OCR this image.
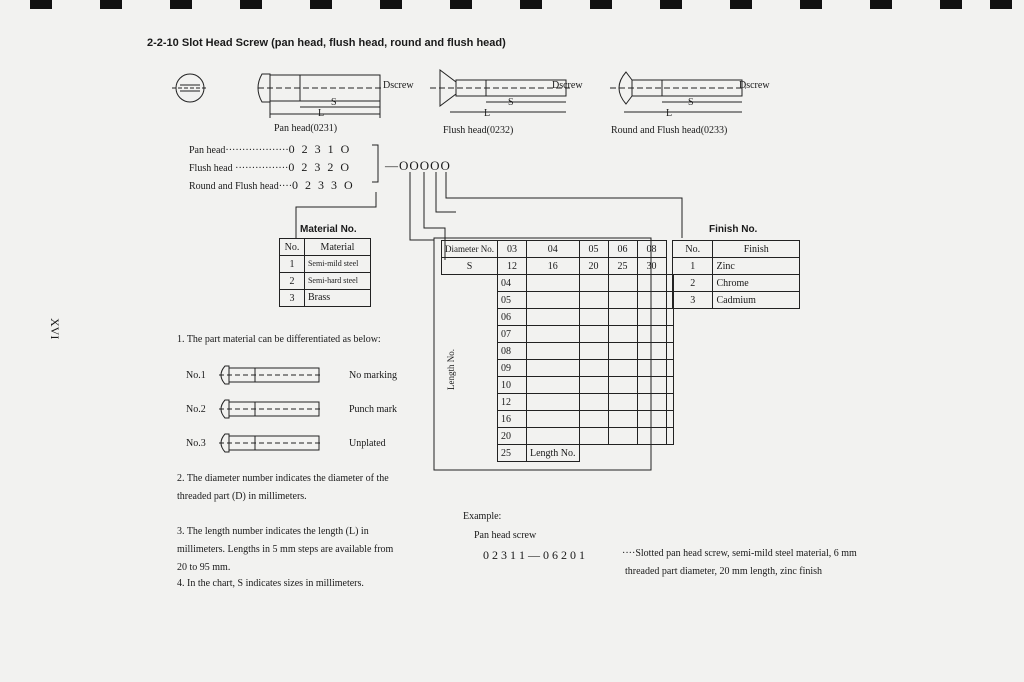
2-2-10 Slot Head Screw (pan head, flush head, round and flush head)
XVI
Dscrew
S
L
Dscrew
S
L
Dscrew
S
L
Pan head(0231)	Flush head(0232)	Round and Flush head(0233)
Pan head···················0 2 3 1 O
Flush head ················0 2 3 2 O
Round and Flush head····0 2 3 3 O
—OOOOO
Material No.
No.	Material
1	Semi-mild steel
2	Semi-hard steel
3	Brass
Diameter No.	03	04	05	06	08	
S	12	16	20	25	30	
	04					
	05					
	06					
	07					
	08					
	09					
	10					
	12					
	16					
	20					
	25	Length No.				
Length No.
Finish No.
No.	Finish
1	Zinc
2	Chrome
3	Cadmium
1. The part material can be differentiated as below:
No.1	No marking
No.2	Punch mark
No.3	Unplated
2. The diameter number indicates the diameter of the threaded part (D) in millimeters.
3. The length number indicates the length (L) in millimeters. Lengths in 5 mm steps are available from 20 to 95 mm.
4. In the chart, S indicates sizes in millimeters.
Example:
Pan head screw
0 2 3 1 1 — 0 6 2 0 1	····Slotted pan head screw, semi-mild steel material, 6 mm
threaded part diameter, 20 mm length, zinc finish
